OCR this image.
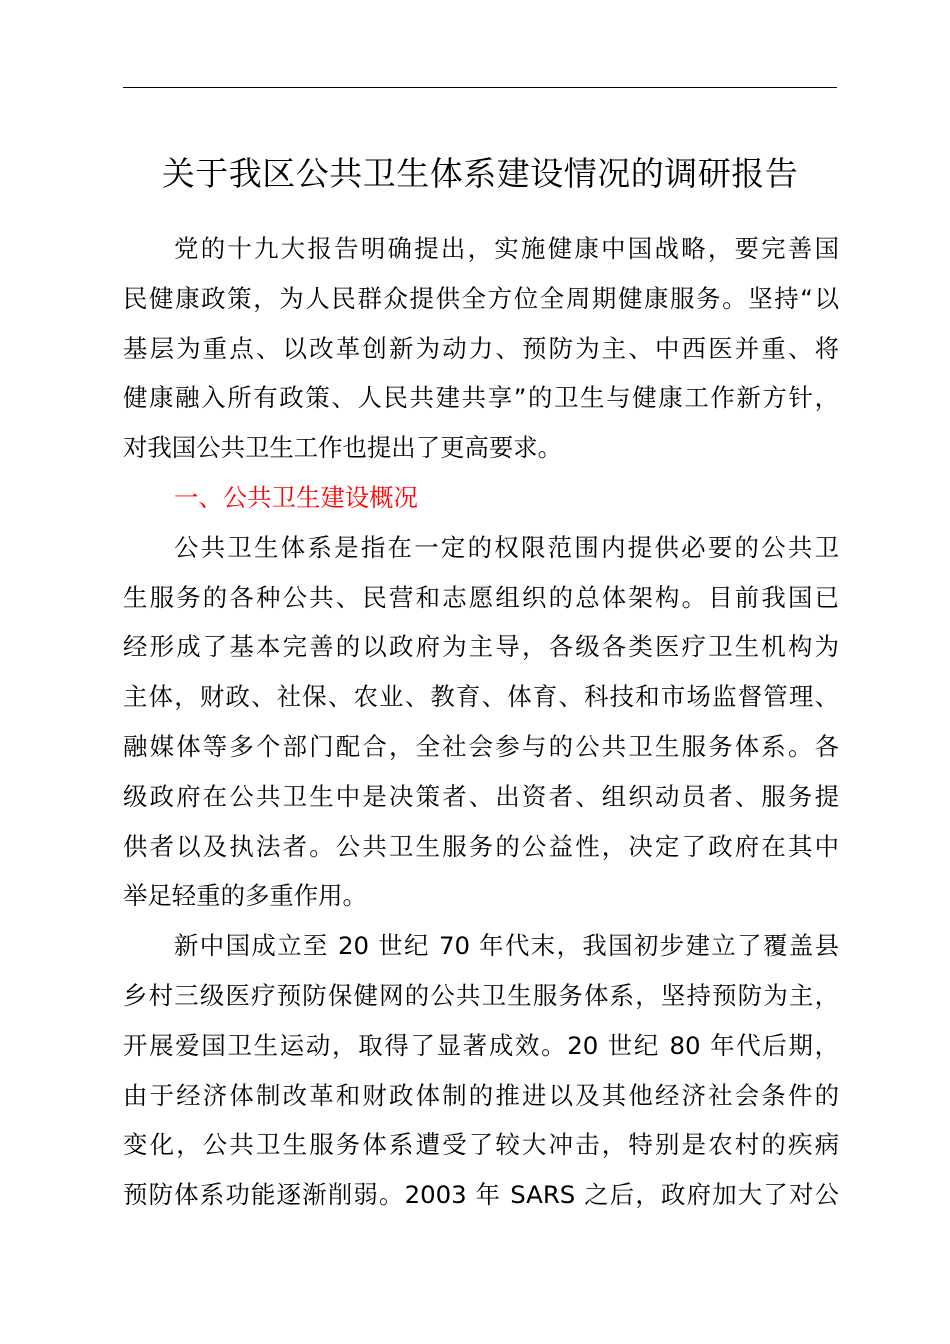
关于我区公共卫生体系建设情况的调研报告
党的十九大报告明确提出，实施健康中国战略，要完善国
民健康政策，为人民群众提供全方位全周期健康服务。坚持“以
基层为重点、以改革创新为动力、预防为主、中西医并重、将
健康融入所有政策、人民共建共享”的卫生与健康工作新方针，
对我国公共卫生工作也提出了更高要求。
一、公共卫生建设概况
公共卫生体系是指在一定的权限范围内提供必要的公共卫
生服务的各种公共、民营和志愿组织的总体架构。目前我国已
经形成了基本完善的以政府为主导，各级各类医疗卫生机构为
主体，财政、社保、农业、教育、体育、科技和市场监督管理、
融媒体等多个部门配合，全社会参与的公共卫生服务体系。各
级政府在公共卫生中是决策者、出资者、组织动员者、服务提
供者以及执法者。公共卫生服务的公益性，决定了政府在其中
举足轻重的多重作用。
新中国成立至 20 世纪 70 年代末，我国初步建立了覆盖县
乡村三级医疗预防保健网的公共卫生服务体系，坚持预防为主，
开展爱国卫生运动，取得了显著成效。20 世纪 80 年代后期，
由于经济体制改革和财政体制的推进以及其他经济社会条件的
变化，公共卫生服务体系遭受了较大冲击，特别是农村的疾病
预防体系功能逐渐削弱。2003 年 SARS 之后，政府加大了对公
